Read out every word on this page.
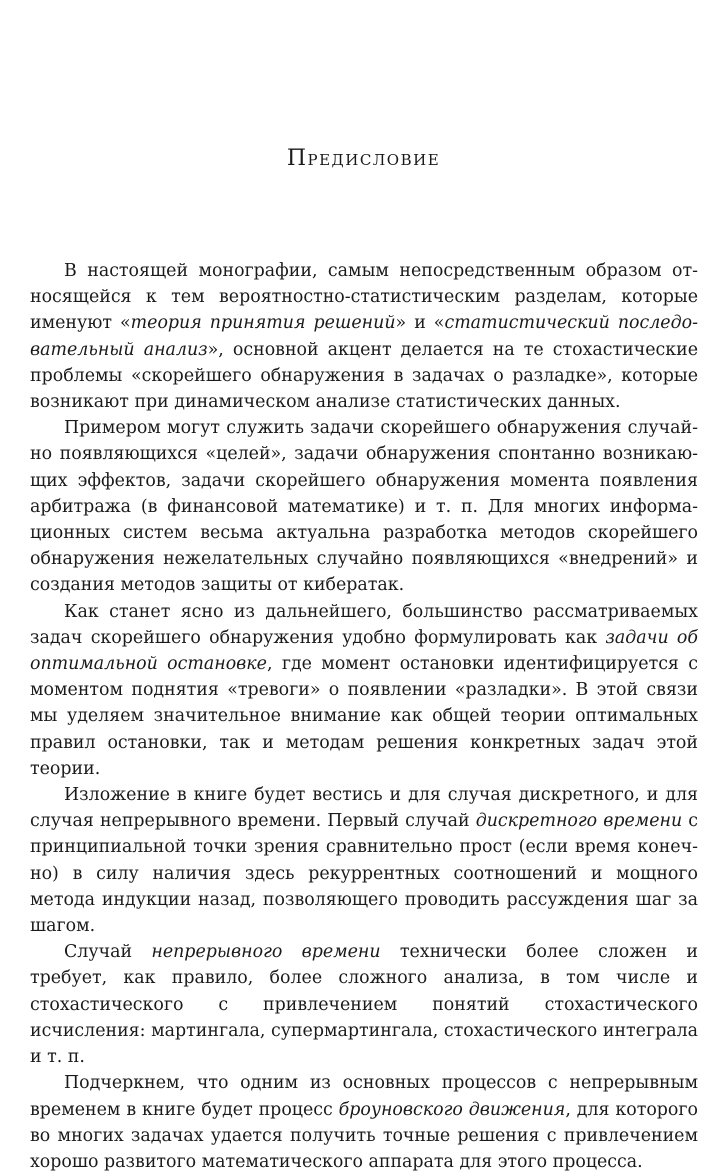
Предисловие

В настоящей монографии, самым непосредственным образом относящейся к тем вероятностно-статистическим разделам, которые именуют «теория принятия решений» и «статистический последовательный анализ», основной акцент делается на те стохастические проблемы «скорейшего обнаружения в задачах о разладке», которые возникают при динамическом анализе статистических данных.

Примером могут служить задачи скорейшего обнаружения случайно появляющихся «целей», задачи обнаружения спонтанно возникающих эффектов, задачи скорейшего обнаружения момента появления арбитража (в финансовой математике) и т. п. Для многих информационных систем весьма актуальна разработка методов скорейшего обнаружения нежелательных случайно появляющихся «внедрений» и создания методов защиты от кибератак.

Как станет ясно из дальнейшего, большинство рассматриваемых задач скорейшего обнаружения удобно формулировать как задачи об оптимальной остановке, где момент остановки идентифицируется с моментом поднятия «тревоги» о появлении «разладки». В этой связи мы уделяем значительное внимание как общей теории оптимальных правил остановки, так и методам решения конкретных задач этой теории.

Изложение в книге будет вестись и для случая дискретного, и для случая непрерывного времени. Первый случай дискретного времени с принципиальной точки зрения сравнительно прост (если время конечно) в силу наличия здесь рекуррентных соотношений и мощного метода индукции назад, позволяющего проводить рассуждения шаг за шагом.

Случай непрерывного времени технически более сложен и требует, как правило, более сложного анализа, в том числе и стохастического с привлечением понятий стохастического исчисления: мартингала, супермартингала, стохастического интеграла и т. п.

Подчеркнем, что одним из основных процессов с непрерывным временем в книге будет процесс броуновского движения, для которого во многих задачах удается получить точные решения с привлечением хорошо развитого математического аппарата для этого процесса.
